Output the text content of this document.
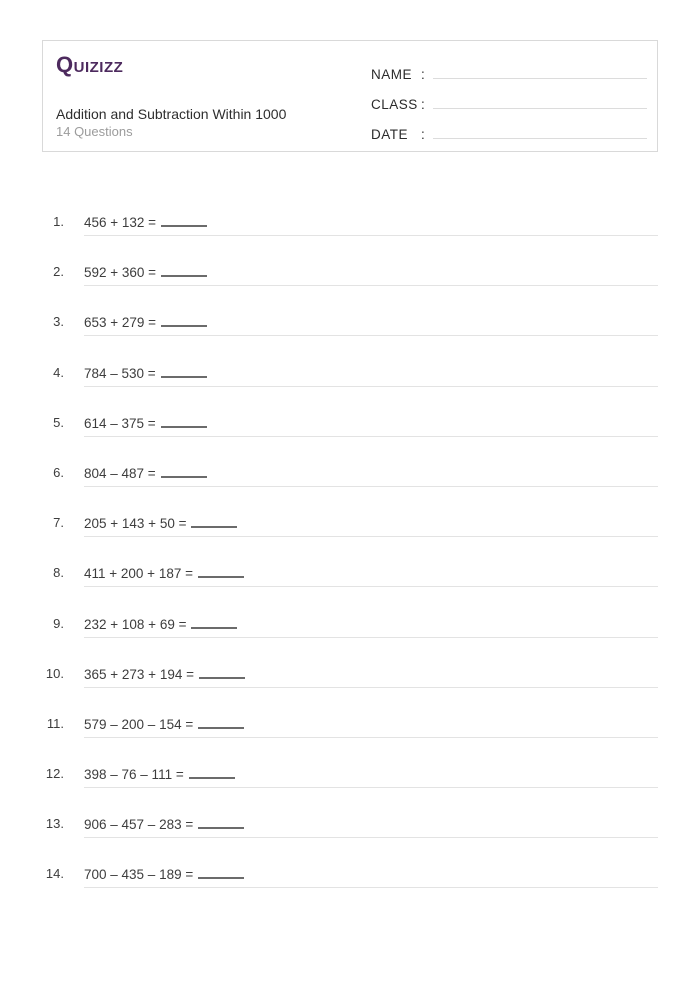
Quizizz
Addition and Subtraction Within 1000
14 Questions
NAME :
CLASS :
DATE :
1. 456 + 132 =
2. 592 + 360 =
3. 653 + 279 =
4. 784 – 530 =
5. 614 – 375 =
6. 804 – 487 =
7. 205 + 143 + 50 =
8. 411 + 200 + 187 =
9. 232 + 108 + 69 =
10. 365 + 273 + 194 =
11. 579 – 200 – 154 =
12. 398 – 76 – 111 =
13. 906 – 457 – 283 =
14. 700 – 435 – 189 =
